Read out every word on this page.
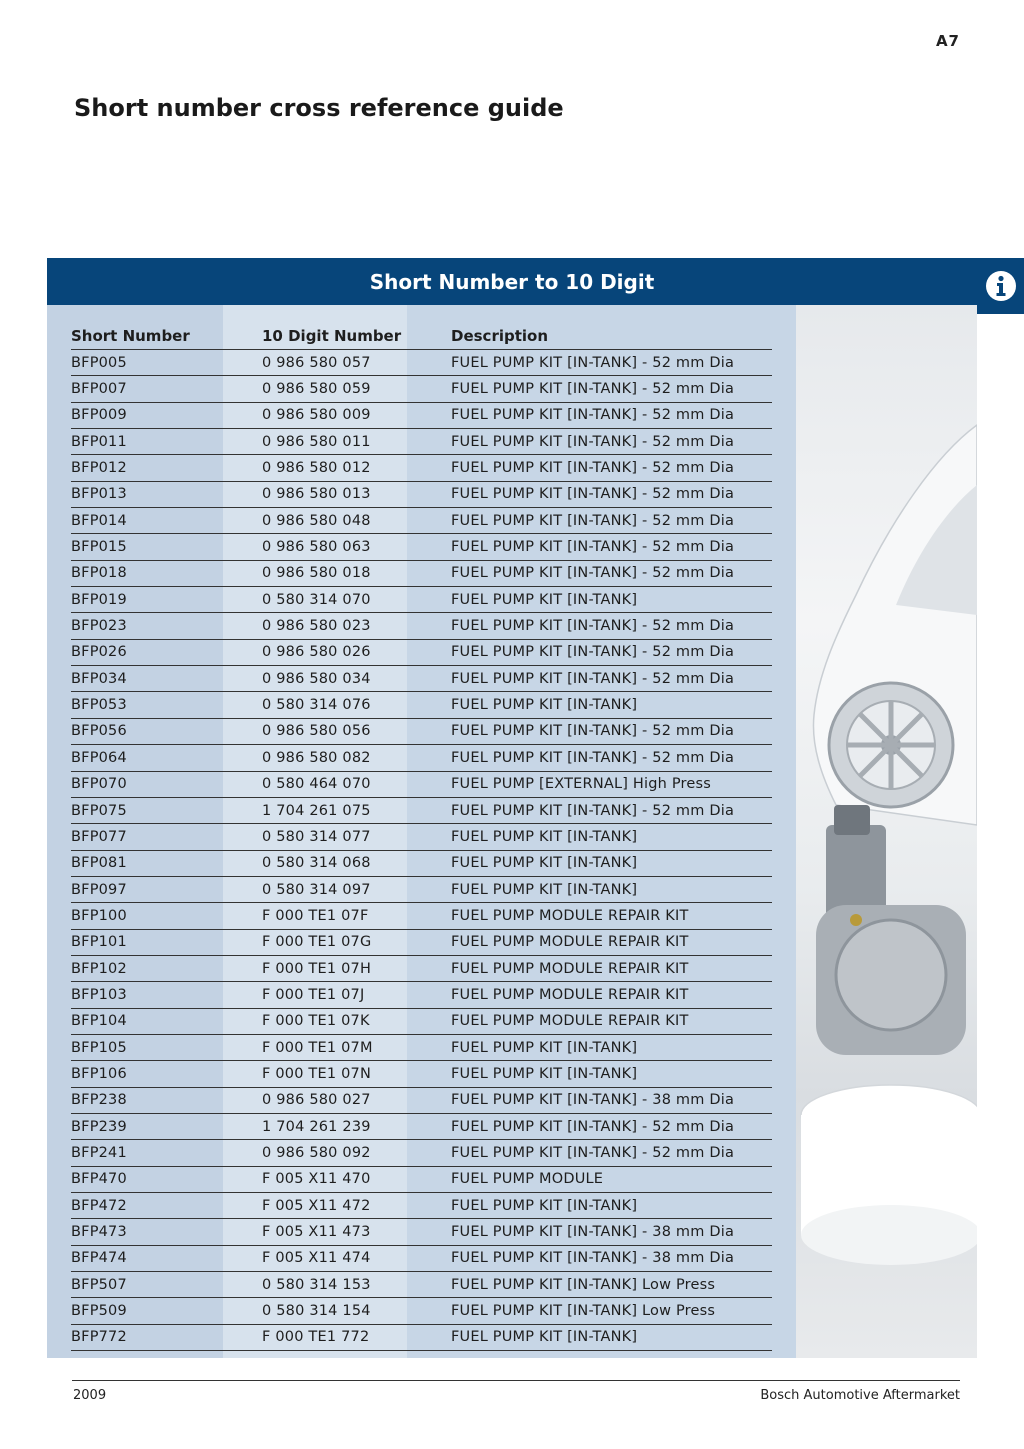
A7
Short number cross reference guide
Short Number to 10 Digit
Short Number	10 Digit Number	Description
BFP005	0 986 580 057	FUEL PUMP KIT [IN-TANK] - 52 mm Dia
BFP007	0 986 580 059	FUEL PUMP KIT [IN-TANK] - 52 mm Dia
BFP009	0 986 580 009	FUEL PUMP KIT [IN-TANK] - 52 mm Dia
BFP011	0 986 580 011	FUEL PUMP KIT [IN-TANK] - 52 mm Dia
BFP012	0 986 580 012	FUEL PUMP KIT [IN-TANK] - 52 mm Dia
BFP013	0 986 580 013	FUEL PUMP KIT [IN-TANK] - 52 mm Dia
BFP014	0 986 580 048	FUEL PUMP KIT [IN-TANK] - 52 mm Dia
BFP015	0 986 580 063	FUEL PUMP KIT [IN-TANK] - 52 mm Dia
BFP018	0 986 580 018	FUEL PUMP KIT [IN-TANK] - 52 mm Dia
BFP019	0 580 314 070	FUEL PUMP KIT [IN-TANK]
BFP023	0 986 580 023	FUEL PUMP KIT [IN-TANK] - 52 mm Dia
BFP026	0 986 580 026	FUEL PUMP KIT [IN-TANK] - 52 mm Dia
BFP034	0 986 580 034	FUEL PUMP KIT [IN-TANK] - 52 mm Dia
BFP053	0 580 314 076	FUEL PUMP KIT [IN-TANK]
BFP056	0 986 580 056	FUEL PUMP KIT [IN-TANK] - 52 mm Dia
BFP064	0 986 580 082	FUEL PUMP KIT [IN-TANK] - 52 mm Dia
BFP070	0 580 464 070	FUEL PUMP [EXTERNAL] High Press
BFP075	1 704 261 075	FUEL PUMP KIT [IN-TANK] - 52 mm Dia
BFP077	0 580 314 077	FUEL PUMP KIT [IN-TANK]
BFP081	0 580 314 068	FUEL PUMP KIT [IN-TANK]
BFP097	0 580 314 097	FUEL PUMP KIT [IN-TANK]
BFP100	F 000 TE1 07F	FUEL PUMP MODULE REPAIR KIT
BFP101	F 000 TE1 07G	FUEL PUMP MODULE REPAIR KIT
BFP102	F 000 TE1 07H	FUEL PUMP MODULE REPAIR KIT
BFP103	F 000 TE1 07J	FUEL PUMP MODULE REPAIR KIT
BFP104	F 000 TE1 07K	FUEL PUMP MODULE REPAIR KIT
BFP105	F 000 TE1 07M	FUEL PUMP KIT [IN-TANK]
BFP106	F 000 TE1 07N	FUEL PUMP KIT [IN-TANK]
BFP238	0 986 580 027	FUEL PUMP KIT [IN-TANK] - 38 mm Dia
BFP239	1 704 261 239	FUEL PUMP KIT [IN-TANK] - 52 mm Dia
BFP241	0 986 580 092	FUEL PUMP KIT [IN-TANK] - 52 mm Dia
BFP470	F 005 X11 470	FUEL PUMP MODULE
BFP472	F 005 X11 472	FUEL PUMP KIT [IN-TANK]
BFP473	F 005 X11 473	FUEL PUMP KIT [IN-TANK] - 38 mm Dia
BFP474	F 005 X11 474	FUEL PUMP KIT [IN-TANK] - 38 mm Dia
BFP507	0 580 314 153	FUEL PUMP KIT [IN-TANK] Low Press
BFP509	0 580 314 154	FUEL PUMP KIT [IN-TANK] Low Press
BFP772	F 000 TE1 772	FUEL PUMP KIT [IN-TANK]
2009	Bosch Automotive Aftermarket
